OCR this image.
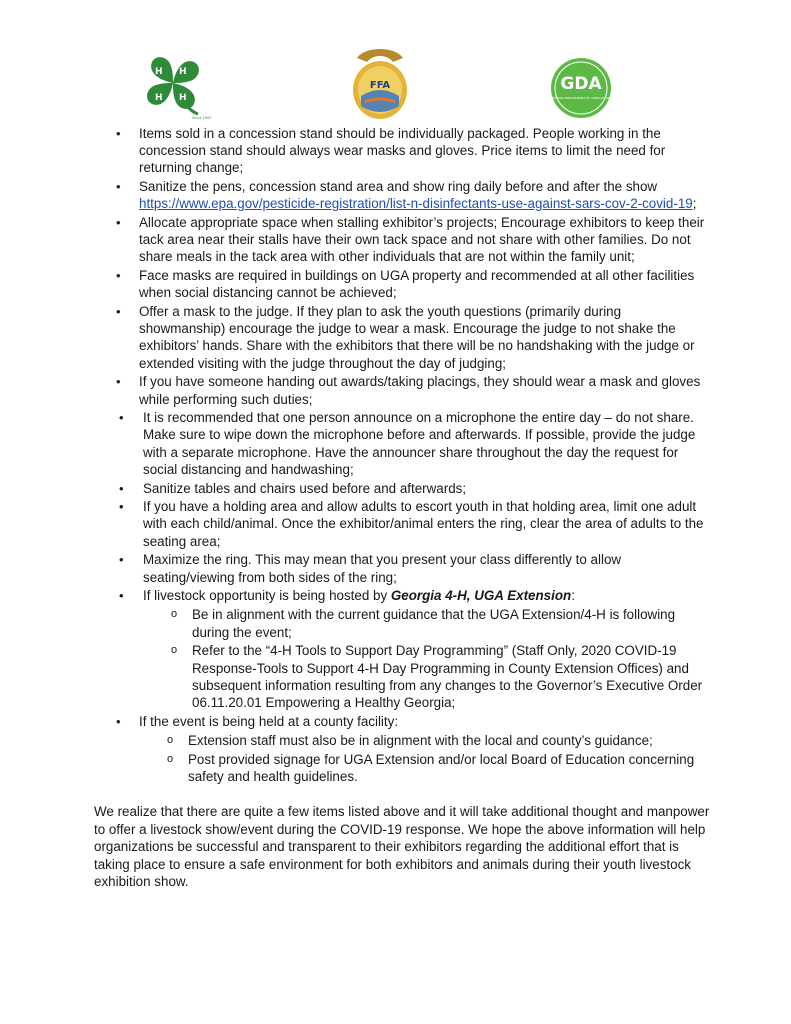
H H
H
H
Since 1902
FFA	GDA
GEORGIA DEPARTMENT OF AGRICULTURE
• Items sold in a concession stand should be individually packaged. People working in the concession stand should always wear masks and gloves. Price items to limit the need for returning change;
• Sanitize the pens, concession stand area and show ring daily before and after the show
https://www.epa.gov/pesticide-registration/list-n-disinfectants-use-against-sars-cov-2-covid-19;
• Allocate appropriate space when stalling exhibitor’s projects; Encourage exhibitors to keep their tack area near their stalls have their own tack space and not share with other families. Do not share meals in the tack area with other individuals that are not within the family unit;
• Face masks are required in buildings on UGA property and recommended at all other facilities when social distancing cannot be achieved;
• Offer a mask to the judge. If they plan to ask the youth questions (primarily during showmanship) encourage the judge to wear a mask. Encourage the judge to not shake the exhibitors’ hands. Share with the exhibitors that there will be no handshaking with the judge or extended visiting with the judge throughout the day of judging;
• If you have someone handing out awards/taking placings, they should wear a mask and gloves while performing such duties;
• It is recommended that one person announce on a microphone the entire day – do not share. Make sure to wipe down the microphone before and afterwards. If possible, provide the judge with a separate microphone. Have the announcer share throughout the day the request for social distancing and handwashing;
• Sanitize tables and chairs used before and afterwards;
• If you have a holding area and allow adults to escort youth in that holding area, limit one adult with each child/animal. Once the exhibitor/animal enters the ring, clear the area of adults to the seating area;
• Maximize the ring. This may mean that you present your class differently to allow seating/viewing from both sides of the ring;
• If livestock opportunity is being hosted by Georgia 4-H, UGA Extension:
o Be in alignment with the current guidance that the UGA Extension/4-H is following during the event;
o Refer to the “4-H Tools to Support Day Programming” (Staff Only, 2020 COVID-19 Response-Tools to Support 4-H Day Programming in County Extension Offices) and subsequent information resulting from any changes to the Governor’s Executive Order 06.11.20.01 Empowering a Healthy Georgia;
• If the event is being held at a county facility:
o Extension staff must also be in alignment with the local and county’s guidance;
o Post provided signage for UGA Extension and/or local Board of Education concerning safety and health guidelines.

We realize that there are quite a few items listed above and it will take additional thought and manpower to offer a livestock show/event during the COVID-19 response. We hope the above information will help organizations be successful and transparent to their exhibitors regarding the additional effort that is taking place to ensure a safe environment for both exhibitors and animals during their youth livestock exhibition show.
